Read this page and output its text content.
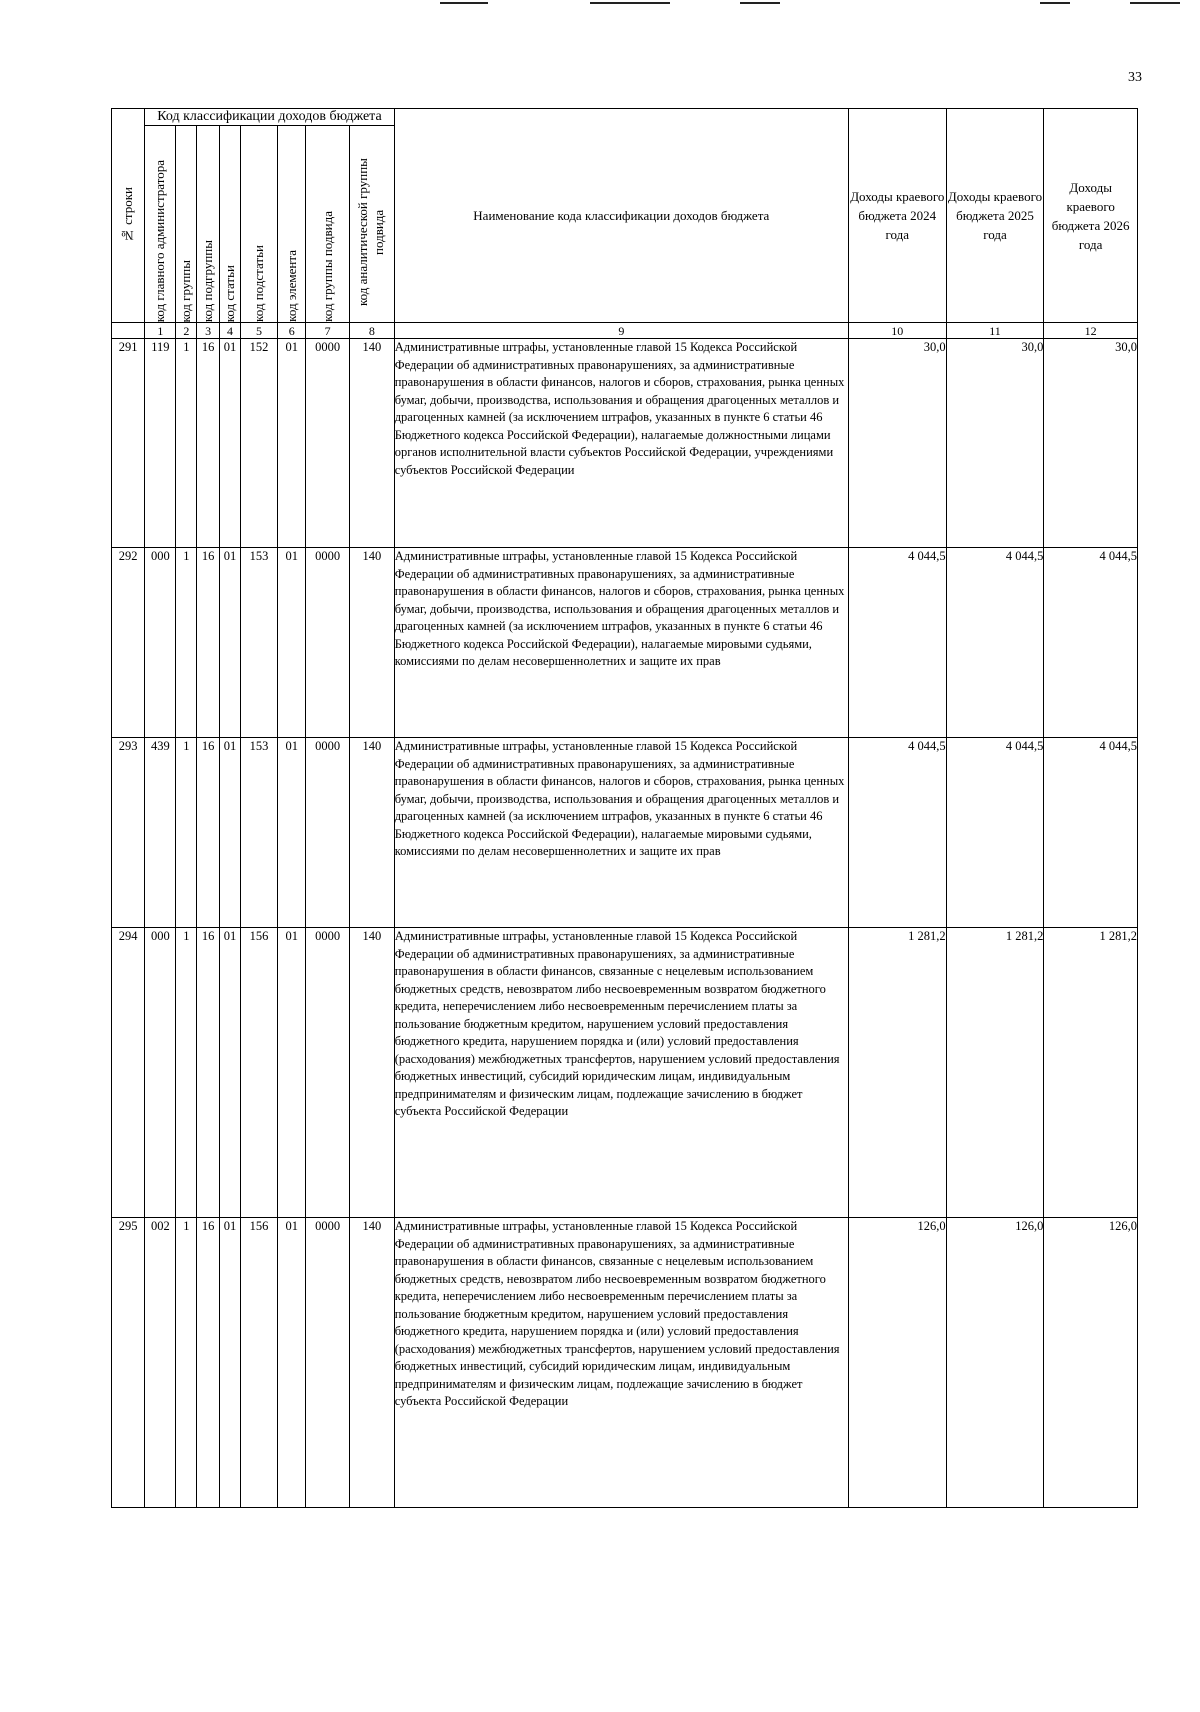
33
№ строки	Код классификации доходов бюджета								Наименование кода классификации доходов бюджета	Доходы краевого бюджета 2024 года	Доходы краевого бюджета 2025 года	Доходы краевого бюджета 2026 года

	код главного администратора	код группы	код подгруппы	код статьи	код подстатьи	код элемента	код группы подвида	код аналитической группы подвида				

	1	2	3	4	5	6	7	8	9	10	11	12
291	119	1	16	01	152	01	0000	140	Административные штрафы, установленные главой 15 Кодекса Российской Федерации об административных правонарушениях, за административные правонарушения в области финансов, налогов и сборов, страхования, рынка ценных бумаг, добычи, производства, использования и обращения драгоценных металлов и драгоценных камней (за исключением штрафов, указанных в пункте 6 статьи 46 Бюджетного кодекса Российской Федерации), налагаемые должностными лицами органов исполнительной власти субъектов Российской Федерации, учреждениями субъектов Российской Федерации	30,0	30,0	30,0
292	000	1	16	01	153	01	0000	140	Административные штрафы, установленные главой 15 Кодекса Российской Федерации об административных правонарушениях, за административные правонарушения в области финансов, налогов и сборов, страхования, рынка ценных бумаг, добычи, производства, использования и обращения драгоценных металлов и драгоценных камней (за исключением штрафов, указанных в пункте 6 статьи 46 Бюджетного кодекса Российской Федерации), налагаемые мировыми судьями, комиссиями по делам несовершеннолетних и защите их прав	4 044,5	4 044,5	4 044,5
293	439	1	16	01	153	01	0000	140	Административные штрафы, установленные главой 15 Кодекса Российской Федерации об административных правонарушениях, за административные правонарушения в области финансов, налогов и сборов, страхования, рынка ценных бумаг, добычи, производства, использования и обращения драгоценных металлов и драгоценных камней (за исключением штрафов, указанных в пункте 6 статьи 46 Бюджетного кодекса Российской Федерации), налагаемые мировыми судьями, комиссиями по делам несовершеннолетних и защите их прав	4 044,5	4 044,5	4 044,5
294	000	1	16	01	156	01	0000	140	Административные штрафы, установленные главой 15 Кодекса Российской Федерации об административных правонарушениях, за административные правонарушения в области финансов, связанные с нецелевым использованием бюджетных средств, невозвратом либо несвоевременным возвратом бюджетного кредита, неперечислением либо несвоевременным перечислением платы за пользование бюджетным кредитом, нарушением условий предоставления бюджетного кредита, нарушением порядка и (или) условий предоставления (расходования) межбюджетных трансфертов, нарушением условий предоставления бюджетных инвестиций, субсидий юридическим лицам, индивидуальным предпринимателям и физическим лицам, подлежащие зачислению в бюджет субъекта Российской Федерации	1 281,2	1 281,2	1 281,2
295	002	1	16	01	156	01	0000	140	Административные штрафы, установленные главой 15 Кодекса Российской Федерации об административных правонарушениях, за административные правонарушения в области финансов, связанные с нецелевым использованием бюджетных средств, невозвратом либо несвоевременным возвратом бюджетного кредита, неперечислением либо несвоевременным перечислением платы за пользование бюджетным кредитом, нарушением условий предоставления бюджетного кредита, нарушением порядка и (или) условий предоставления (расходования) межбюджетных трансфертов, нарушением условий предоставления бюджетных инвестиций, субсидий юридическим лицам, индивидуальным предпринимателям и физическим лицам, подлежащие зачислению в бюджет субъекта Российской Федерации	126,0	126,0	126,0
